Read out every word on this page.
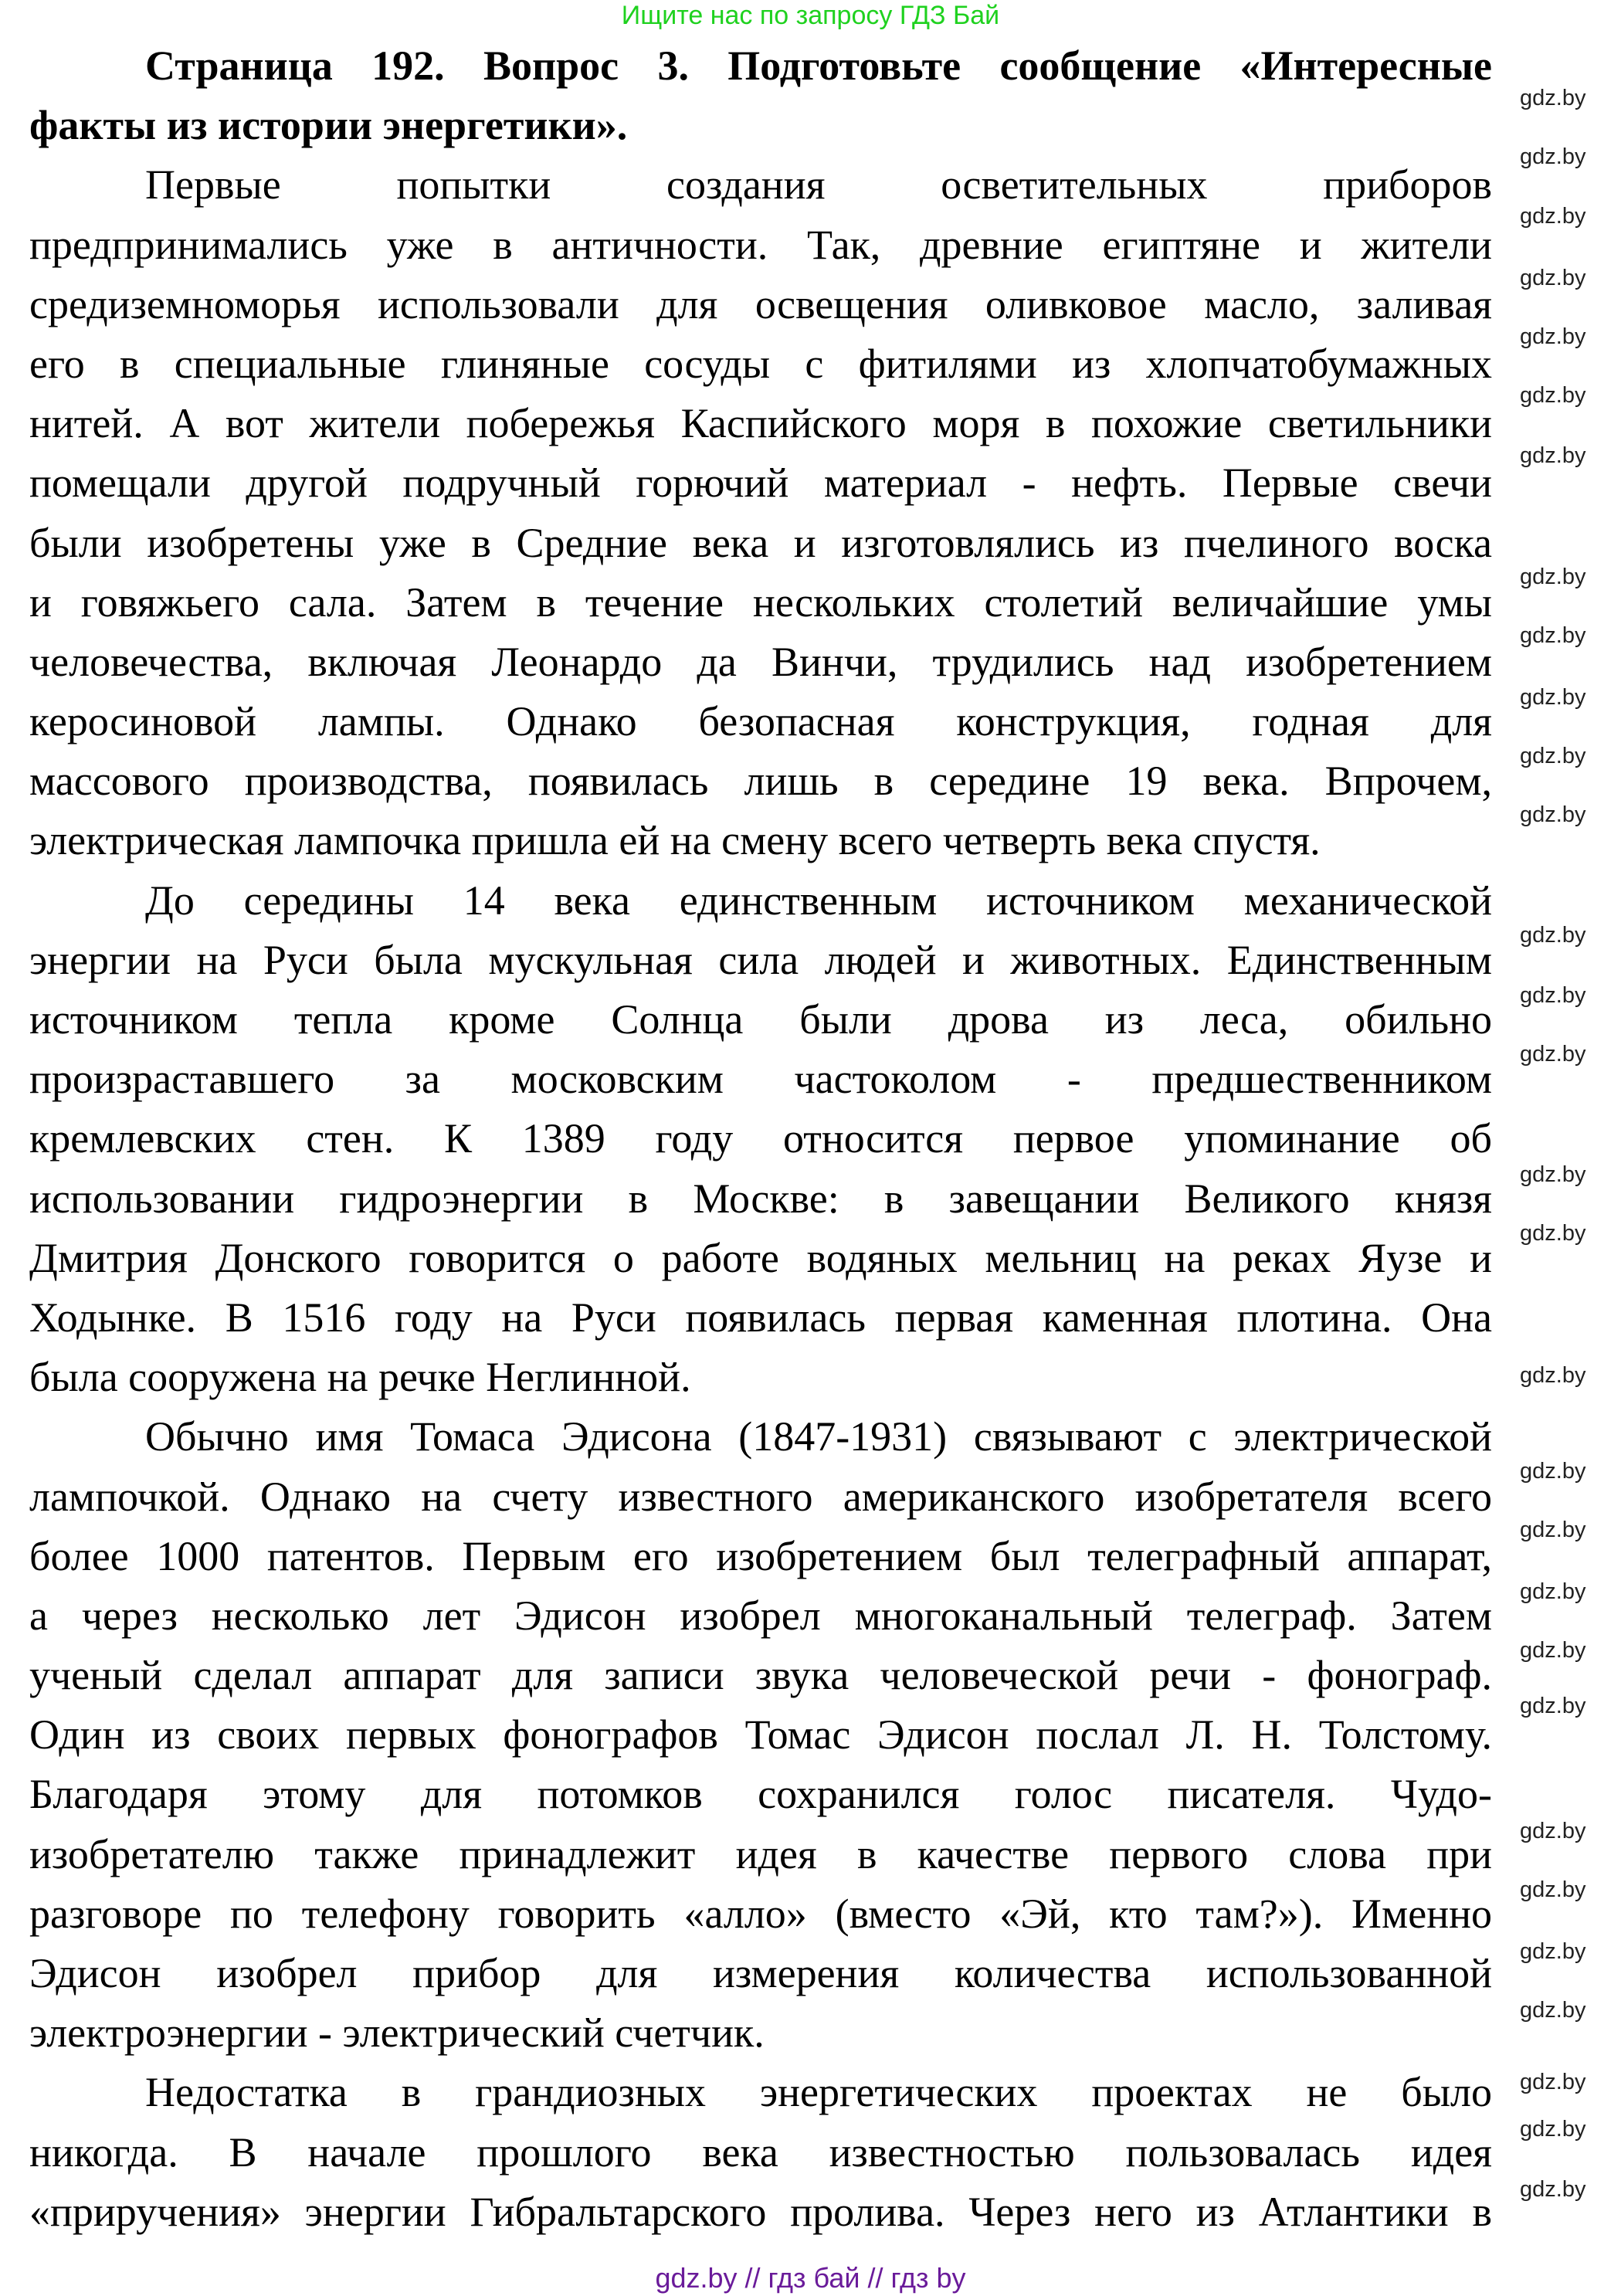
Ищите нас по запросу ГДЗ Бай
Страница 192. Вопрос 3. Подготовьте сообщение «Интересные
факты из истории энергетики».
Первые попытки создания осветительных приборов
предпринимались уже в античности. Так, древние египтяне и жители
средиземноморья использовали для освещения оливковое масло, заливая
его в специальные глиняные сосуды с фитилями из хлопчатобумажных
нитей. А вот жители побережья Каспийского моря в похожие светильники
помещали другой подручный горючий материал - нефть. Первые свечи
были изобретены уже в Средние века и изготовлялись из пчелиного воска
и говяжьего сала. Затем в течение нескольких столетий величайшие умы
человечества, включая Леонардо да Винчи, трудились над изобретением
керосиновой лампы. Однако безопасная конструкция, годная для
массового производства, появилась лишь в середине 19 века. Впрочем,
электрическая лампочка пришла ей на смену всего четверть века спустя.
До середины 14 века единственным источником механической
энергии на Руси была мускульная сила людей и животных. Единственным
источником тепла кроме Солнца были дрова из леса, обильно
произраставшего за московским частоколом - предшественником
кремлевских стен. К 1389 году относится первое упоминание об
использовании гидроэнергии в Москве: в завещании Великого князя
Дмитрия Донского говорится о работе водяных мельниц на реках Яузе и
Ходынке. В 1516 году на Руси появилась первая каменная плотина. Она
была сооружена на речке Неглинной.
Обычно имя Томаса Эдисона (1847-1931) связывают с электрической
лампочкой. Однако на счету известного американского изобретателя всего
более 1000 патентов. Первым его изобретением был телеграфный аппарат,
а через несколько лет Эдисон изобрел многоканальный телеграф. Затем
ученый сделал аппарат для записи звука человеческой речи - фонограф.
Один из своих первых фонографов Томас Эдисон послал Л. Н. Толстому.
Благодаря этому для потомков сохранился голос писателя. Чудо-
изобретателю также принадлежит идея в качестве первого слова при
разговоре по телефону говорить «алло» (вместо «Эй, кто там?»). Именно
Эдисон изобрел прибор для измерения количества использованной
электроэнергии - электрический счетчик.
Недостатка в грандиозных энергетических проектах не было
никогда. В начале прошлого века известностью пользовалась идея
«приручения» энергии Гибральтарского пролива. Через него из Атлантики в
gdz.by
gdz.by
gdz.by
gdz.by
gdz.by
gdz.by
gdz.by
gdz.by
gdz.by
gdz.by
gdz.by
gdz.by
gdz.by
gdz.by
gdz.by
gdz.by
gdz.by
gdz.by
gdz.by
gdz.by
gdz.by
gdz.by
gdz.by
gdz.by
gdz.by
gdz.by
gdz.by
gdz.by
gdz.by
gdz.by
gdz.by // гдз бай // гдз by
